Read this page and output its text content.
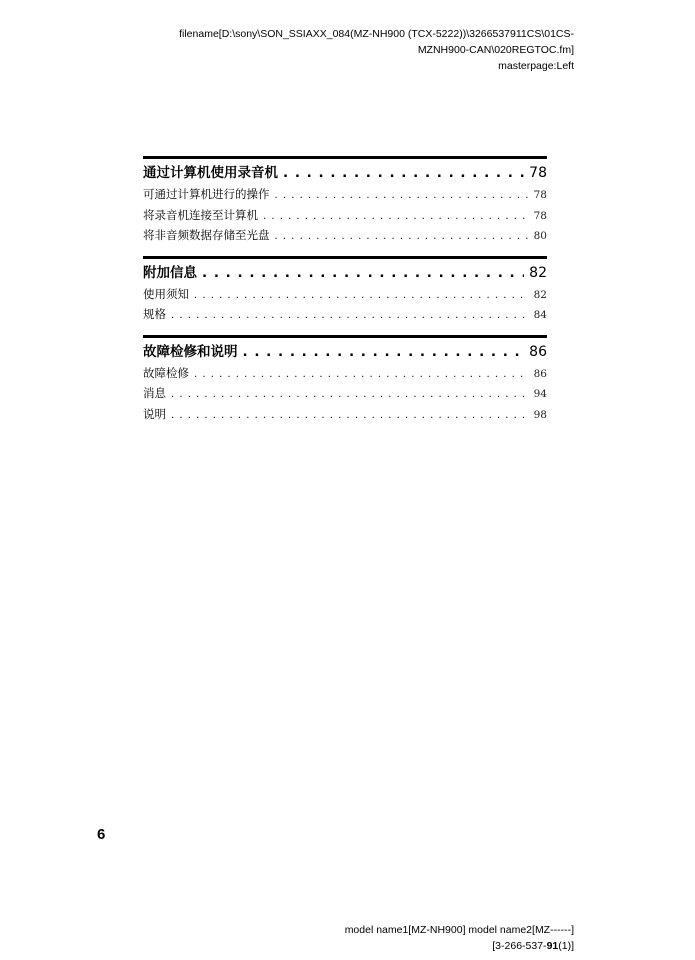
filename[D:\sony\SON_SSIAXX_084(MZ-NH900 (TCX-5222))\3266537911CS\01CS-
MZNH900-CAN\020REGTOC.fm]
masterpage:Left
通过计算机使用录音机 . . .	78
可通过计算机进行的操作 . . .	78
将录音机连接至计算机 . . .	78
将非音频数据存储至光盘 . . .	80
附加信息 . . .	82
使用须知 . . .	82
规格 . . .	84
故障检修和说明 . . .	86
故障检修 . . .	86
消息 . . .	94
说明 . . .	98
6
model name1[MZ-NH900] model name2[MZ------]
[3-266-537-91(1)]
